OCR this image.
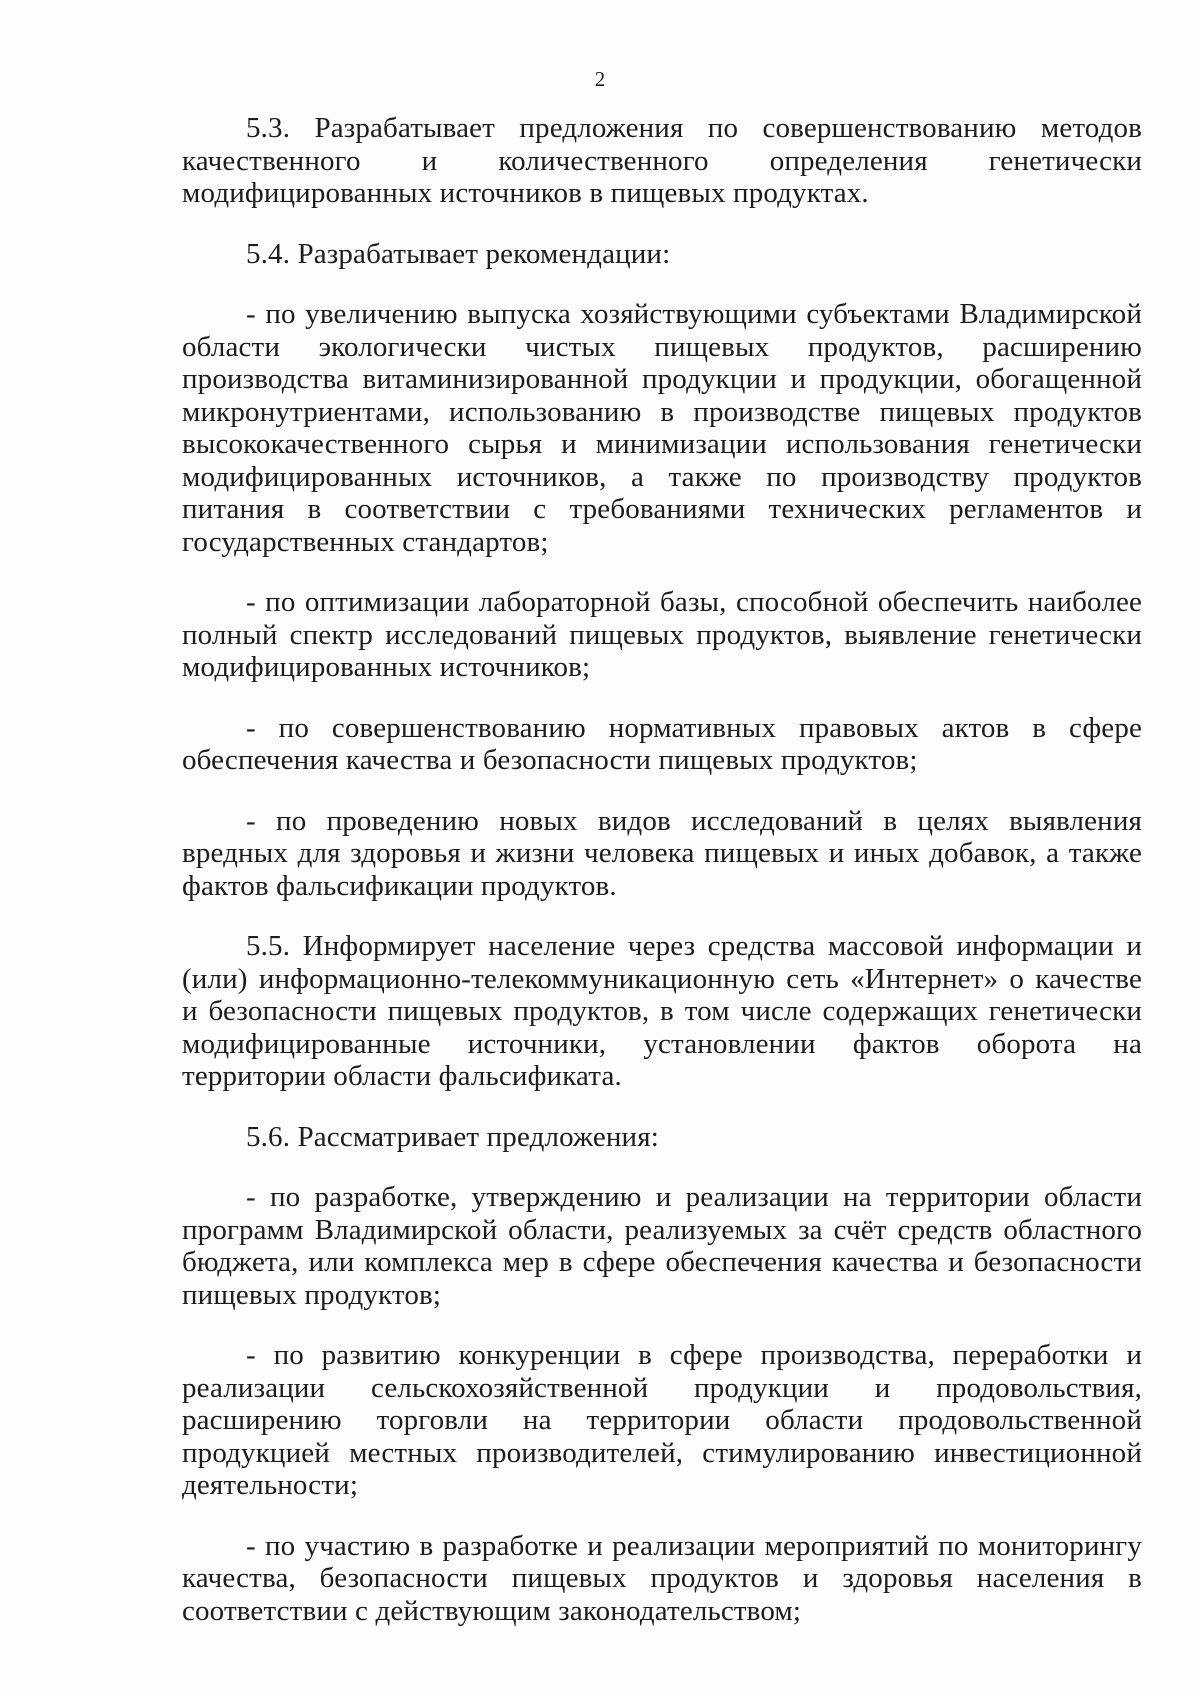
2

5.3. Разрабатывает предложения по совершенствованию методов качественного и количественного определения генетически модифицированных источников в пищевых продуктах.

5.4. Разрабатывает рекомендации:

- по увеличению выпуска хозяйствующими субъектами Владимирской области экологически чистых пищевых продуктов, расширению производства витаминизированной продукции и продукции, обогащенной микронутриентами, использованию в производстве пищевых продуктов высококачественного сырья и минимизации использования генетически модифицированных источников, а также по производству продуктов питания в соответствии с требованиями технических регламентов и государственных стандартов;

- по оптимизации лабораторной базы, способной обеспечить наиболее полный спектр исследований пищевых продуктов, выявление генетически модифицированных источников;

- по совершенствованию нормативных правовых актов в сфере обеспечения качества и безопасности пищевых продуктов;

- по проведению новых видов исследований в целях выявления вредных для здоровья и жизни человека пищевых и иных добавок, а также фактов фальсификации продуктов.

5.5. Информирует население через средства массовой информации и (или) информационно-телекоммуникационную сеть «Интернет» о качестве и безопасности пищевых продуктов, в том числе содержащих генетически модифицированные источники, установлении фактов оборота на территории области фальсификата.

5.6. Рассматривает предложения:

- по разработке, утверждению и реализации на территории области программ Владимирской области, реализуемых за счёт средств областного бюджета, или комплекса мер в сфере обеспечения качества и безопасности пищевых продуктов;

- по развитию конкуренции в сфере производства, переработки и реализации сельскохозяйственной продукции и продовольствия, расширению торговли на территории области продовольственной продукцией местных производителей, стимулированию инвестиционной деятельности;

- по участию в разработке и реализации мероприятий по мониторингу качества, безопасности пищевых продуктов и здоровья населения в соответствии с действующим законодательством;
